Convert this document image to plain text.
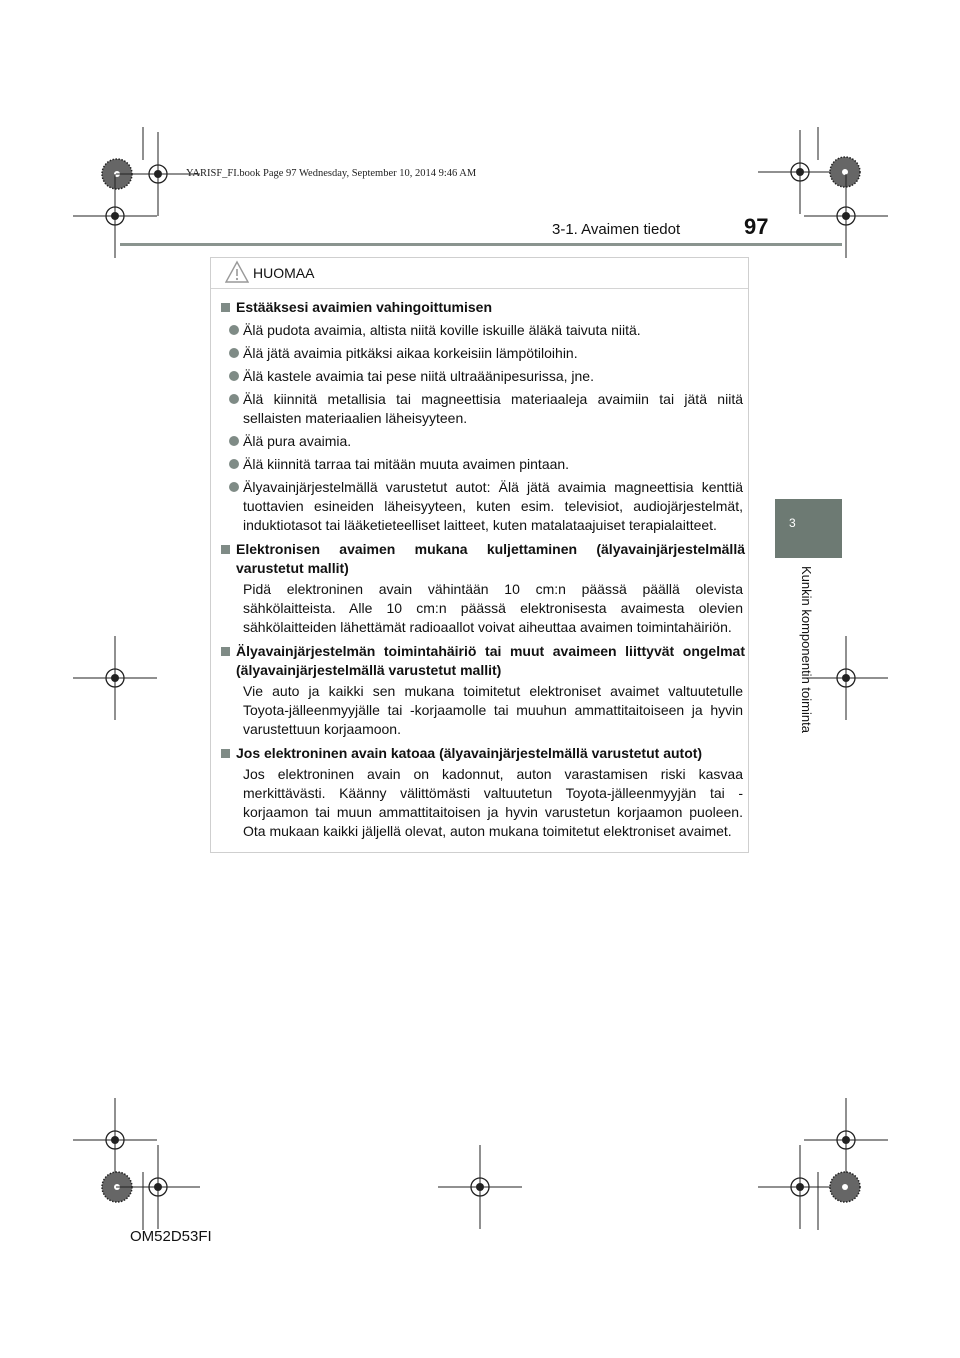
YARISF_FI.book Page 97 Wednesday, September 10, 2014 9:46 AM
3-1. Avaimen tiedot	97
3
Kunkin komponentin toiminta
HUOMAA
Estääksesi avaimien vahingoittumisen
Älä pudota avaimia, altista niitä koville iskuille äläkä taivuta niitä.
Älä jätä avaimia pitkäksi aikaa korkeisiin lämpötiloihin.
Älä kastele avaimia tai pese niitä ultraäänipesurissa, jne.
Älä kiinnitä metallisia tai magneettisia materiaaleja avaimiin tai jätä niitä sellaisten materiaalien läheisyyteen.
Älä pura avaimia.
Älä kiinnitä tarraa tai mitään muuta avaimen pintaan.
Älyavainjärjestelmällä varustetut autot: Älä jätä avaimia magneettisia kenttiä tuottavien esineiden läheisyyteen, kuten esim. televisiot, audiojärjestelmät, induktiotasot tai lääketieteelliset laitteet, kuten matalataajuiset terapialaitteet.
Elektronisen avaimen mukana kuljettaminen (älyavainjärjestelmällä varustetut mallit)
Pidä elektroninen avain vähintään 10 cm:n päässä päällä olevista sähkölaitteista. Alle 10 cm:n päässä elektronisesta avaimesta olevien sähkölaitteiden lähettämät radioaallot voivat aiheuttaa avaimen toimintahäiriön.
Älyavainjärjestelmän toimintahäiriö tai muut avaimeen liittyvät ongelmat (älyavainjärjestelmällä varustetut mallit)
Vie auto ja kaikki sen mukana toimitetut elektroniset avaimet valtuutetulle Toyota-jälleenmyyjälle tai -korjaamolle tai muuhun ammattitaitoiseen ja hyvin varustettuun korjaamoon.
Jos elektroninen avain katoaa (älyavainjärjestelmällä varustetut autot)
Jos elektroninen avain on kadonnut, auton varastamisen riski kasvaa merkittävästi. Käänny välittömästi valtuutetun Toyota-jälleenmyyjän tai -korjaamon tai muun ammattitaitoisen ja hyvin varustetun korjaamon puoleen. Ota mukaan kaikki jäljellä olevat, auton mukana toimitetut elektroniset avaimet.
OM52D53FI
